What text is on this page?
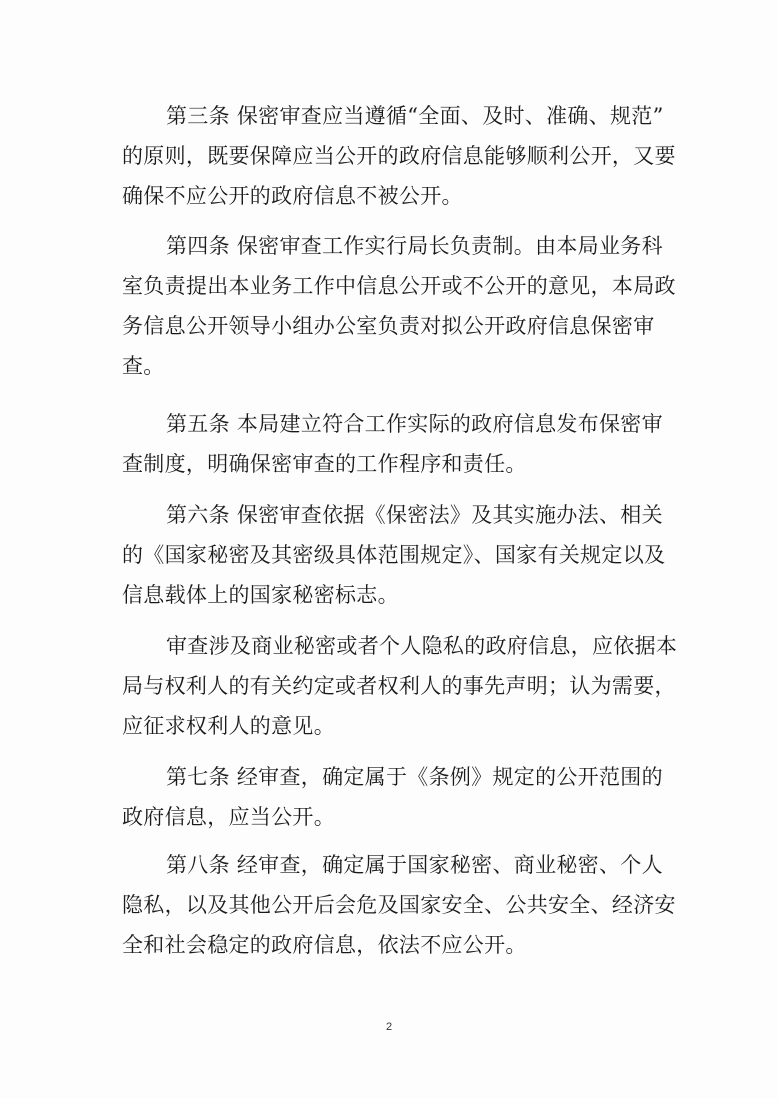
第三条 保密审查应当遵循“全面、及时、准确、规范”
的原则，既要保障应当公开的政府信息能够顺利公开，又要
确保不应公开的政府信息不被公开。
第四条 保密审查工作实行局长负责制。由本局业务科
室负责提出本业务工作中信息公开或不公开的意见，本局政
务信息公开领导小组办公室负责对拟公开政府信息保密审
查。
第五条 本局建立符合工作实际的政府信息发布保密审
查制度，明确保密审查的工作程序和责任。
第六条 保密审查依据《保密法》及其实施办法、相关
的《国家秘密及其密级具体范围规定》、国家有关规定以及
信息载体上的国家秘密标志。
审查涉及商业秘密或者个人隐私的政府信息，应依据本
局与权利人的有关约定或者权利人的事先声明；认为需要，
应征求权利人的意见。
第七条 经审查，确定属于《条例》规定的公开范围的
政府信息，应当公开。
第八条 经审查，确定属于国家秘密、商业秘密、个人
隐私，以及其他公开后会危及国家安全、公共安全、经济安
全和社会稳定的政府信息，依法不应公开。
2
